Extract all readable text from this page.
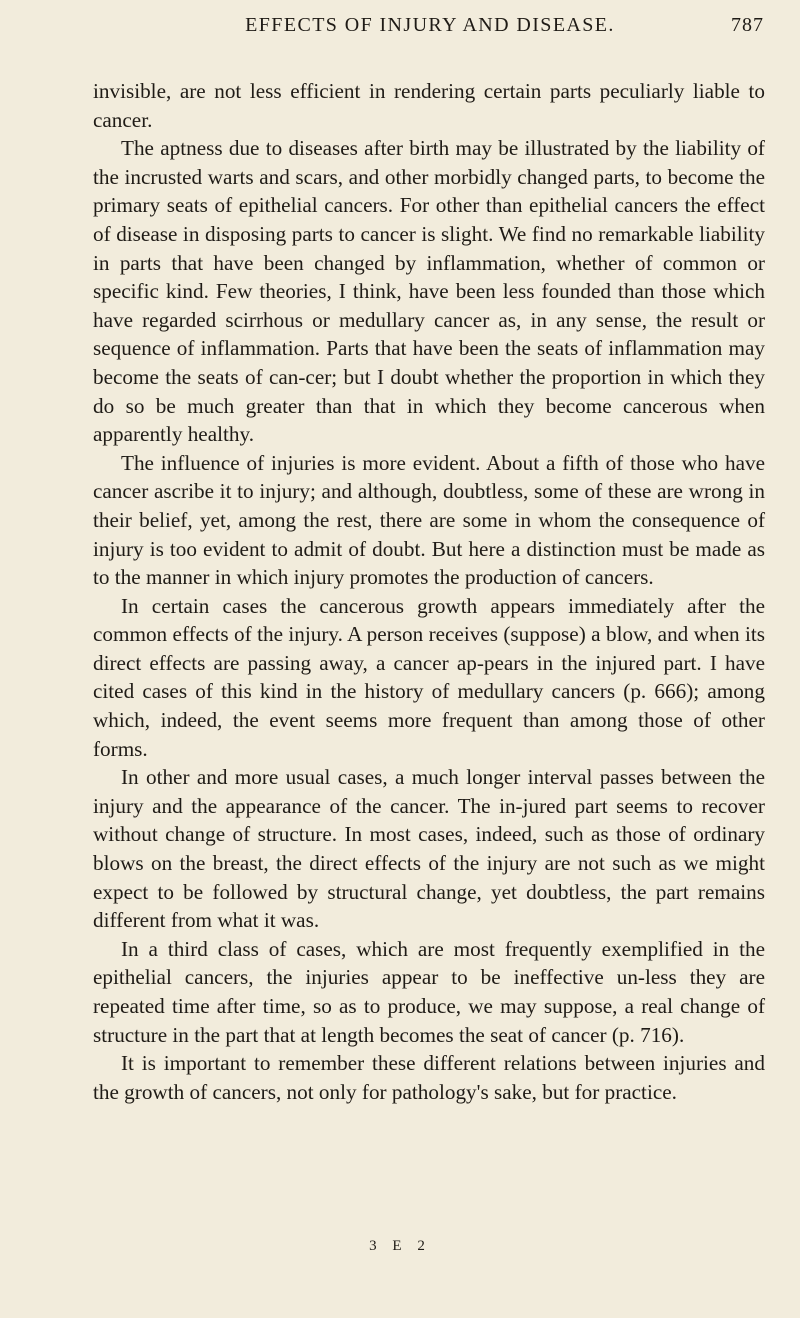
EFFECTS OF INJURY AND DISEASE.	787

invisible, are not less efficient in rendering certain parts peculiarly liable to cancer.

The aptness due to diseases after birth may be illustrated by the liability of the incrusted warts and scars, and other morbidly changed parts, to become the primary seats of epithelial cancers. For other than epithelial cancers the effect of disease in disposing parts to cancer is slight. We find no remarkable liability in parts that have been changed by inflammation, whether of common or specific kind. Few theories, I think, have been less founded than those which have regarded scirrhous or medullary cancer as, in any sense, the result or sequence of inflammation. Parts that have been the seats of inflammation may become the seats of can-cer; but I doubt whether the proportion in which they do so be much greater than that in which they become cancerous when apparently healthy.

The influence of injuries is more evident. About a fifth of those who have cancer ascribe it to injury; and although, doubtless, some of these are wrong in their belief, yet, among the rest, there are some in whom the consequence of injury is too evident to admit of doubt. But here a distinction must be made as to the manner in which injury promotes the production of cancers.

In certain cases the cancerous growth appears immediately after the common effects of the injury. A person receives (suppose) a blow, and when its direct effects are passing away, a cancer ap-pears in the injured part. I have cited cases of this kind in the history of medullary cancers (p. 666); among which, indeed, the event seems more frequent than among those of other forms.

In other and more usual cases, a much longer interval passes between the injury and the appearance of the cancer. The in-jured part seems to recover without change of structure. In most cases, indeed, such as those of ordinary blows on the breast, the direct effects of the injury are not such as we might expect to be followed by structural change, yet doubtless, the part remains different from what it was.

In a third class of cases, which are most frequently exemplified in the epithelial cancers, the injuries appear to be ineffective un-less they are repeated time after time, so as to produce, we may suppose, a real change of structure in the part that at length becomes the seat of cancer (p. 716).

It is important to remember these different relations between injuries and the growth of cancers, not only for pathology's sake, but for practice.

3 E 2
